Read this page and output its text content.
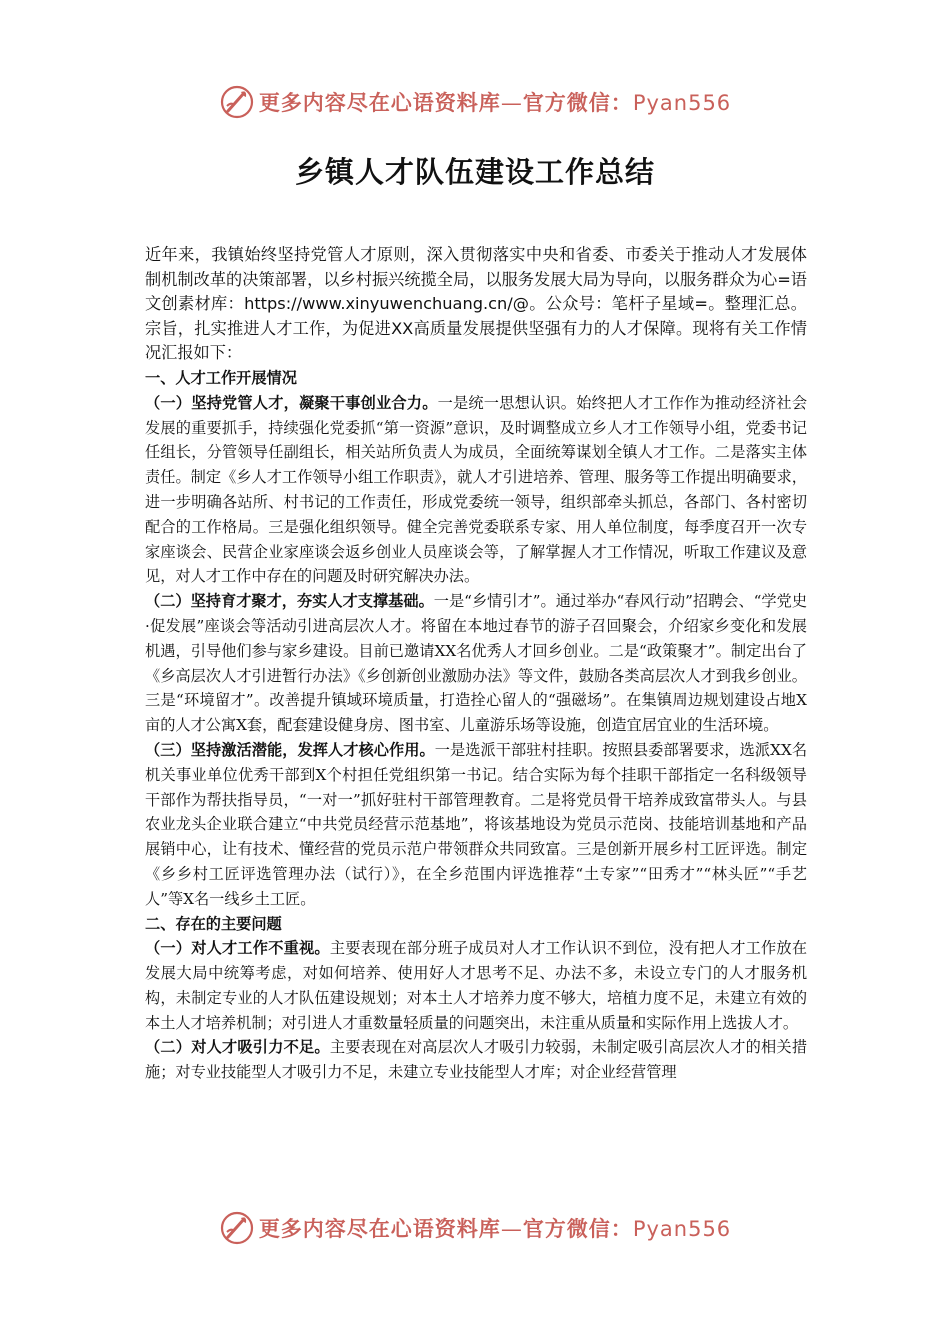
更多内容尽在心语资料库—官方微信：Pyan556
乡镇人才队伍建设工作总结

近年来，我镇始终坚持党管人才原则，深入贯彻落实中央和省委、市委关于推动人才发展体制机制改革的决策部署，以乡村振兴统揽全局，以服务发展大局为导向，以服务群众为心=语文创素材库：https://www.xinyuwenchuang.cn/@。公众号：笔杆子星域=。整理汇总。宗旨，扎实推进人才工作，为促进XX高质量发展提供坚强有力的人才保障。现将有关工作情况汇报如下：

一、人才工作开展情况

（一）坚持党管人才，凝聚干事创业合力。一是统一思想认识。始终把人才工作作为推动经济社会发展的重要抓手，持续强化党委抓“第一资源”意识，及时调整成立乡人才工作领导小组，党委书记任组长，分管领导任副组长，相关站所负责人为成员，全面统筹谋划全镇人才工作。二是落实主体责任。制定《乡人才工作领导小组工作职责》，就人才引进培养、管理、服务等工作提出明确要求，进一步明确各站所、村书记的工作责任，形成党委统一领导，组织部牵头抓总，各部门、各村密切配合的工作格局。三是强化组织领导。健全完善党委联系专家、用人单位制度，每季度召开一次专家座谈会、民营企业家座谈会返乡创业人员座谈会等，了解掌握人才工作情况，听取工作建议及意见，对人才工作中存在的问题及时研究解决办法。

（二）坚持育才聚才，夯实人才支撑基础。一是“乡情引才”。通过举办“春风行动”招聘会、“学党史·促发展”座谈会等活动引进高层次人才。将留在本地过春节的游子召回聚会，介绍家乡变化和发展机遇，引导他们参与家乡建设。目前已邀请XX名优秀人才回乡创业。二是“政策聚才”。制定出台了《乡高层次人才引进暂行办法》《乡创新创业激励办法》等文件，鼓励各类高层次人才到我乡创业。三是“环境留才”。改善提升镇域环境质量，打造拴心留人的“强磁场”。在集镇周边规划建设占地X亩的人才公寓X套，配套建设健身房、图书室、儿童游乐场等设施，创造宜居宜业的生活环境。

（三）坚持激活潜能，发挥人才核心作用。一是选派干部驻村挂职。按照县委部署要求，选派XX名机关事业单位优秀干部到X个村担任党组织第一书记。结合实际为每个挂职干部指定一名科级领导干部作为帮扶指导员，“一对一”抓好驻村干部管理教育。二是将党员骨干培养成致富带头人。与县农业龙头企业联合建立“中共党员经营示范基地”，将该基地设为党员示范岗、技能培训基地和产品展销中心，让有技术、懂经营的党员示范户带领群众共同致富。三是创新开展乡村工匠评选。制定《乡乡村工匠评选管理办法（试行）》，在全乡范围内评选推荐“土专家”“田秀才”“林头匠”“手艺人”等X名一线乡土工匠。

二、存在的主要问题

（一）对人才工作不重视。主要表现在部分班子成员对人才工作认识不到位，没有把人才工作放在发展大局中统筹考虑，对如何培养、使用好人才思考不足、办法不多，未设立专门的人才服务机构，未制定专业的人才队伍建设规划；对本土人才培养力度不够大，培植力度不足，未建立有效的本土人才培养机制；对引进人才重数量轻质量的问题突出，未注重从质量和实际作用上选拔人才。

（二）对人才吸引力不足。主要表现在对高层次人才吸引力较弱，未制定吸引高层次人才的相关措施；对专业技能型人才吸引力不足，未建立专业技能型人才库；对企业经营管理

更多内容尽在心语资料库—官方微信：Pyan556
